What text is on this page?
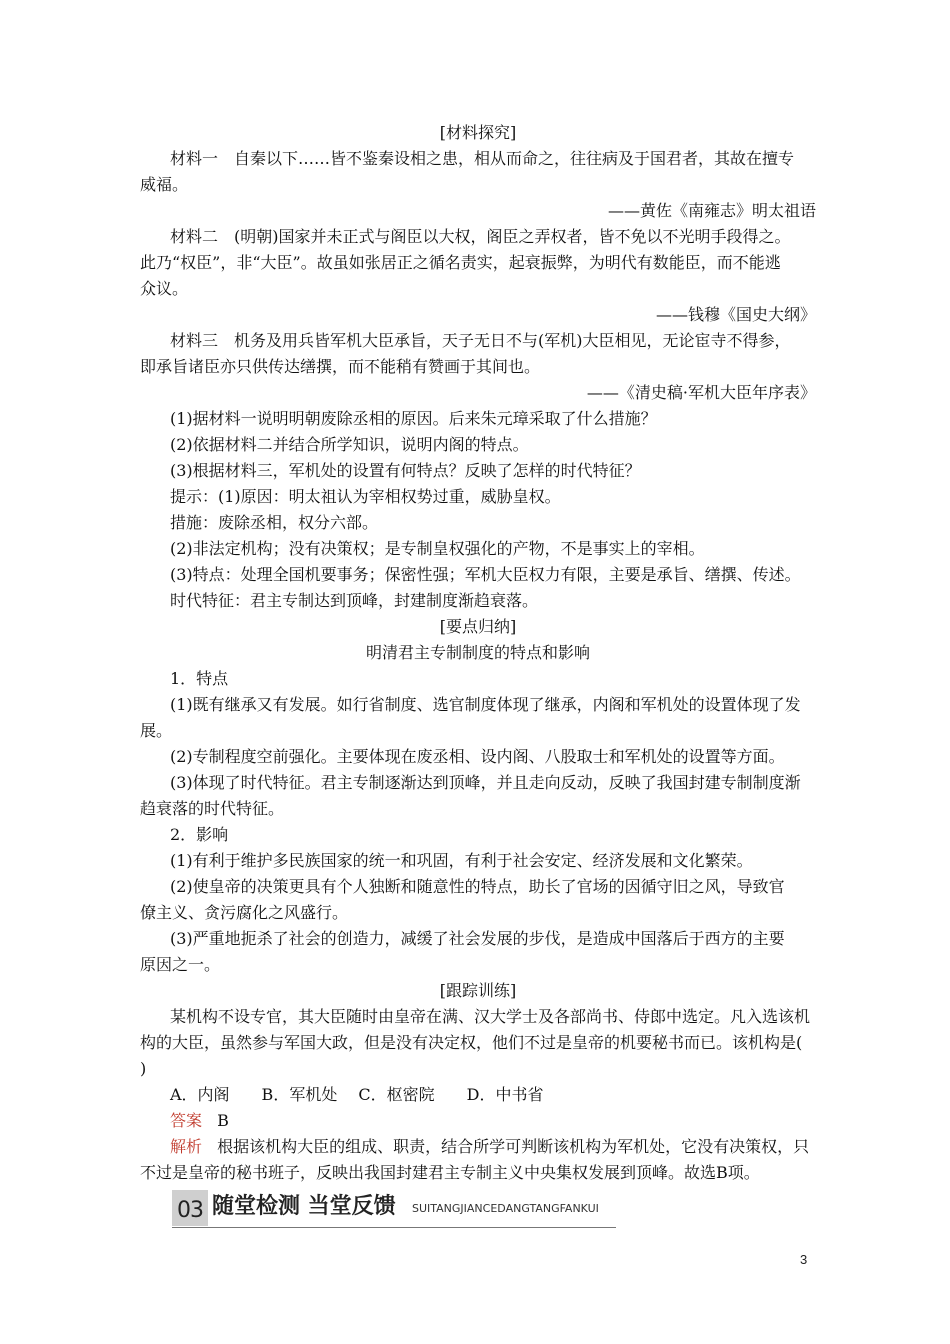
[材料探究]
材料一　自秦以下……皆不鉴秦设相之患，相从而命之，往往病及于国君者，其故在擅专
威福。
——黄佐《南雍志》明太祖语
材料二　(明朝)国家并未正式与阁臣以大权，阁臣之弄权者，皆不免以不光明手段得之。
此乃“权臣”，非“大臣”。故虽如张居正之循名责实，起衰振弊，为明代有数能臣，而不能逃
众议。
——钱穆《国史大纲》
材料三　机务及用兵皆军机大臣承旨，天子无日不与(军机)大臣相见，无论宦寺不得参，
即承旨诸臣亦只供传达缮撰，而不能稍有赞画于其间也。
——《清史稿·军机大臣年序表》
(1)据材料一说明明朝废除丞相的原因。后来朱元璋采取了什么措施？
(2)依据材料二并结合所学知识，说明内阁的特点。
(3)根据材料三，军机处的设置有何特点？反映了怎样的时代特征？
提示：(1)原因：明太祖认为宰相权势过重，威胁皇权。
措施：废除丞相，权分六部。
(2)非法定机构；没有决策权；是专制皇权强化的产物，不是事实上的宰相。
(3)特点：处理全国机要事务；保密性强；军机大臣权力有限，主要是承旨、缮撰、传述。
时代特征：君主专制达到顶峰，封建制度渐趋衰落。
[要点归纳]
明清君主专制制度的特点和影响
1．特点
(1)既有继承又有发展。如行省制度、选官制度体现了继承，内阁和军机处的设置体现了发
展。
(2)专制程度空前强化。主要体现在废丞相、设内阁、八股取士和军机处的设置等方面。
(3)体现了时代特征。君主专制逐渐达到顶峰，并且走向反动，反映了我国封建专制制度渐
趋衰落的时代特征。
2．影响
(1)有利于维护多民族国家的统一和巩固，有利于社会安定、经济发展和文化繁荣。
(2)使皇帝的决策更具有个人独断和随意性的特点，助长了官场的因循守旧之风，导致官
僚主义、贪污腐化之风盛行。
(3)严重地扼杀了社会的创造力，减缓了社会发展的步伐，是造成中国落后于西方的主要
原因之一。
[跟踪训练]
某机构不设专官，其大臣随时由皇帝在满、汉大学士及各部尚书、侍郎中选定。凡入选该机
构的大臣，虽然参与军国大政，但是没有决定权，他们不过是皇帝的机要秘书而已。该机构是(
)
A．内阁　　B．军机处　 C．枢密院　　D．中书省
答案 B
解析 根据该机构大臣的组成、职责，结合所学可判断该机构为军机处，它没有决策权，只
不过是皇帝的秘书班子，反映出我国封建君主专制主义中央集权发展到顶峰。故选B项。
03 随堂检测 当堂反馈 SUITANGJIANCEDANGTANGFANKUI
3
